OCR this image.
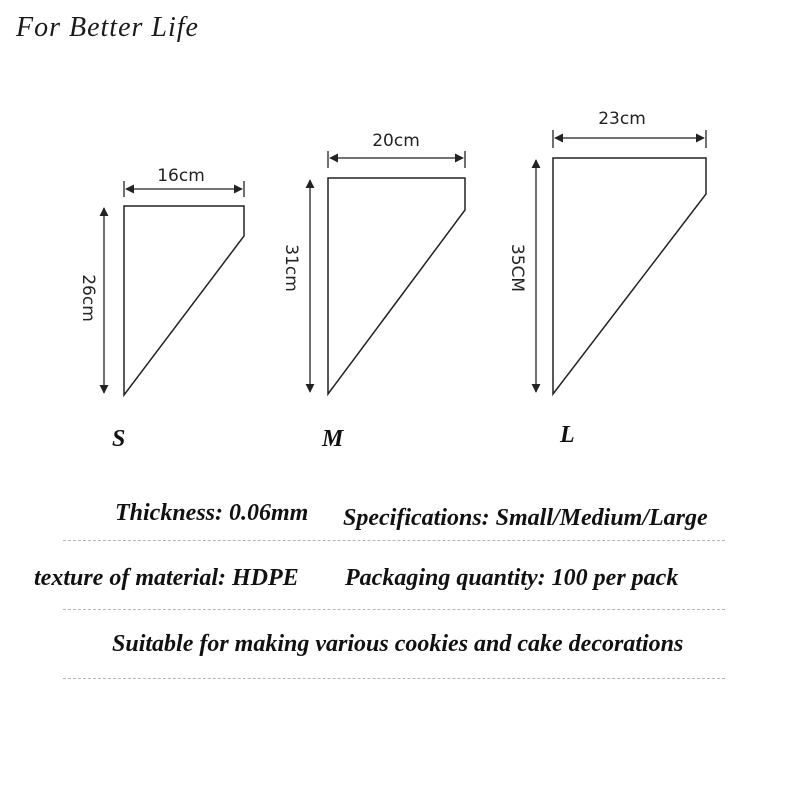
For Better Life
16cm
26cm
S
20cm
31cm
M
23cm
35CM
L
Thickness: 0.06mm Specifications: Small/Medium/Large
texture of material: HDPE Packaging quantity: 100 per pack
Suitable for making various cookies and cake decorations
